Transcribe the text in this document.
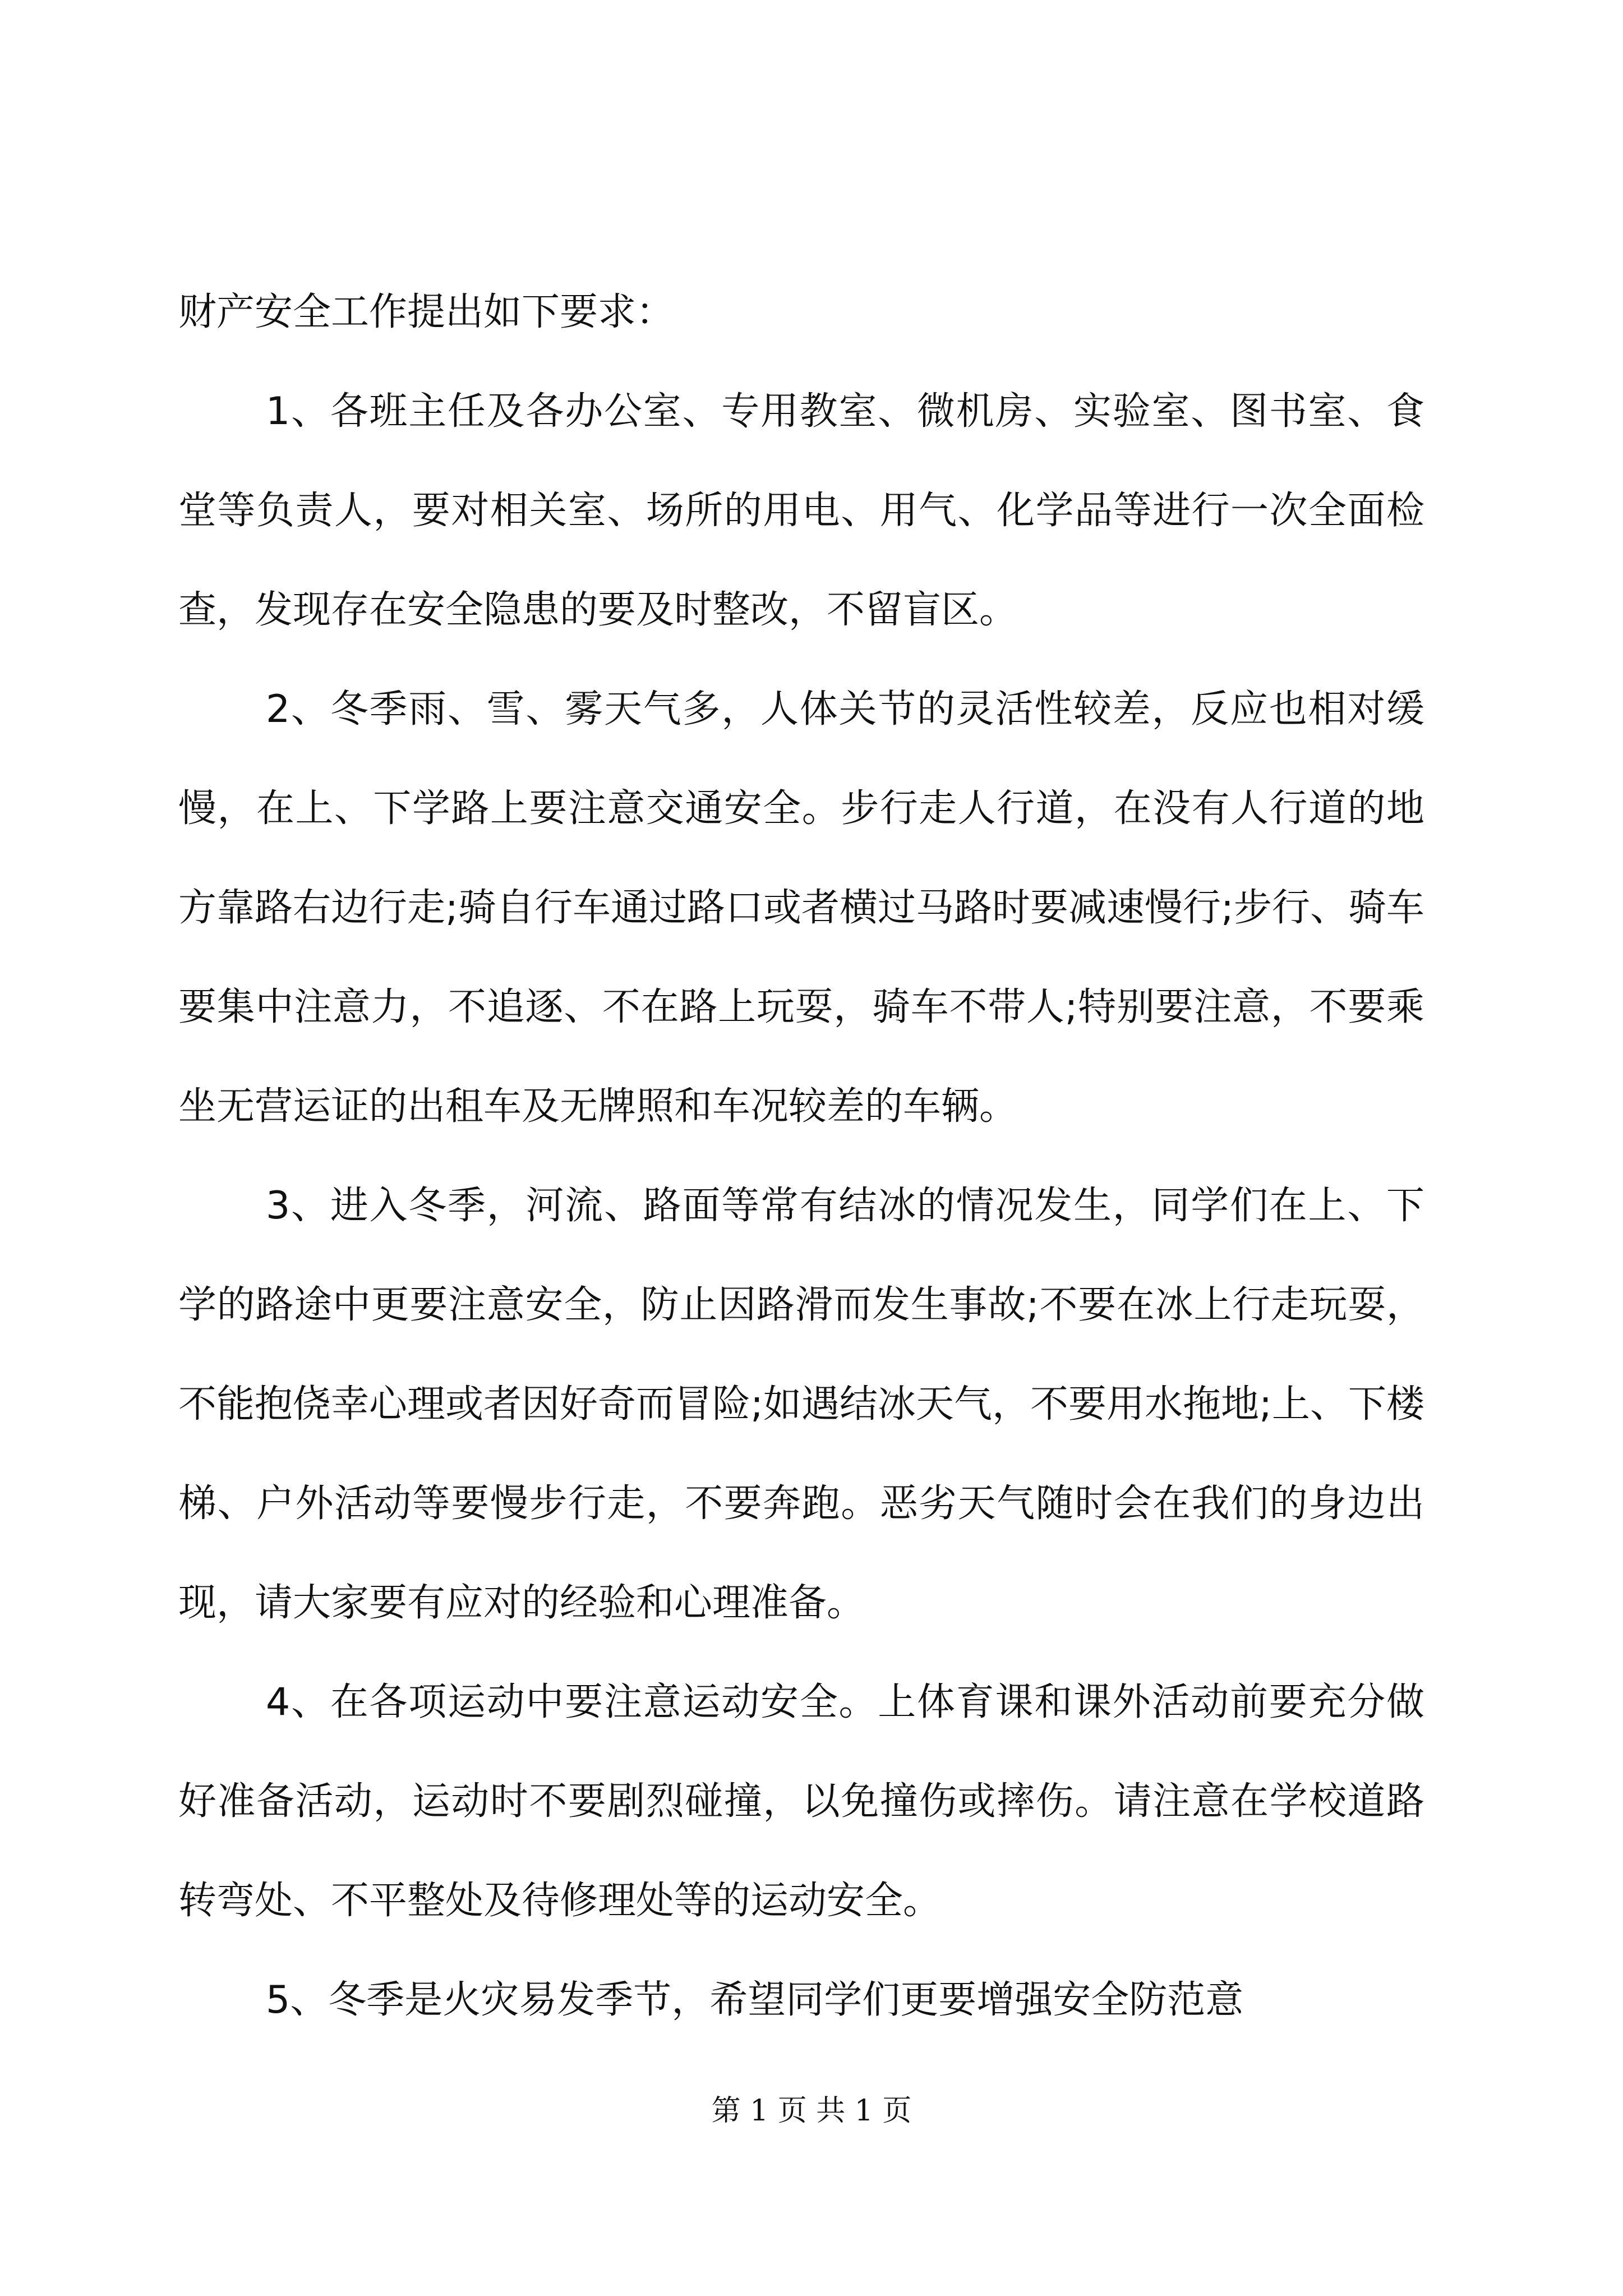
财产安全工作提出如下要求：

1、各班主任及各办公室、专用教室、微机房、实验室、图书室、食堂等负责人，要对相关室、场所的用电、用气、化学品等进行一次全面检查，发现存在安全隐患的要及时整改，不留盲区。

2、冬季雨、雪、雾天气多，人体关节的灵活性较差，反应也相对缓慢，在上、下学路上要注意交通安全。步行走人行道，在没有人行道的地方靠路右边行走;骑自行车通过路口或者横过马路时要减速慢行;步行、骑车要集中注意力，不追逐、不在路上玩耍，骑车不带人;特别要注意，不要乘坐无营运证的出租车及无牌照和车况较差的车辆。

3、进入冬季，河流、路面等常有结冰的情况发生，同学们在上、下学的路途中更要注意安全，防止因路滑而发生事故;不要在冰上行走玩耍，不能抱侥幸心理或者因好奇而冒险;如遇结冰天气，不要用水拖地;上、下楼梯、户外活动等要慢步行走，不要奔跑。恶劣天气随时会在我们的身边出现，请大家要有应对的经验和心理准备。

4、在各项运动中要注意运动安全。上体育课和课外活动前要充分做好准备活动，运动时不要剧烈碰撞，以免撞伤或摔伤。请注意在学校道路转弯处、不平整处及待修理处等的运动安全。

5、冬季是火灾易发季节，希望同学们更要增强安全防范意

第 1 页 共 1 页
